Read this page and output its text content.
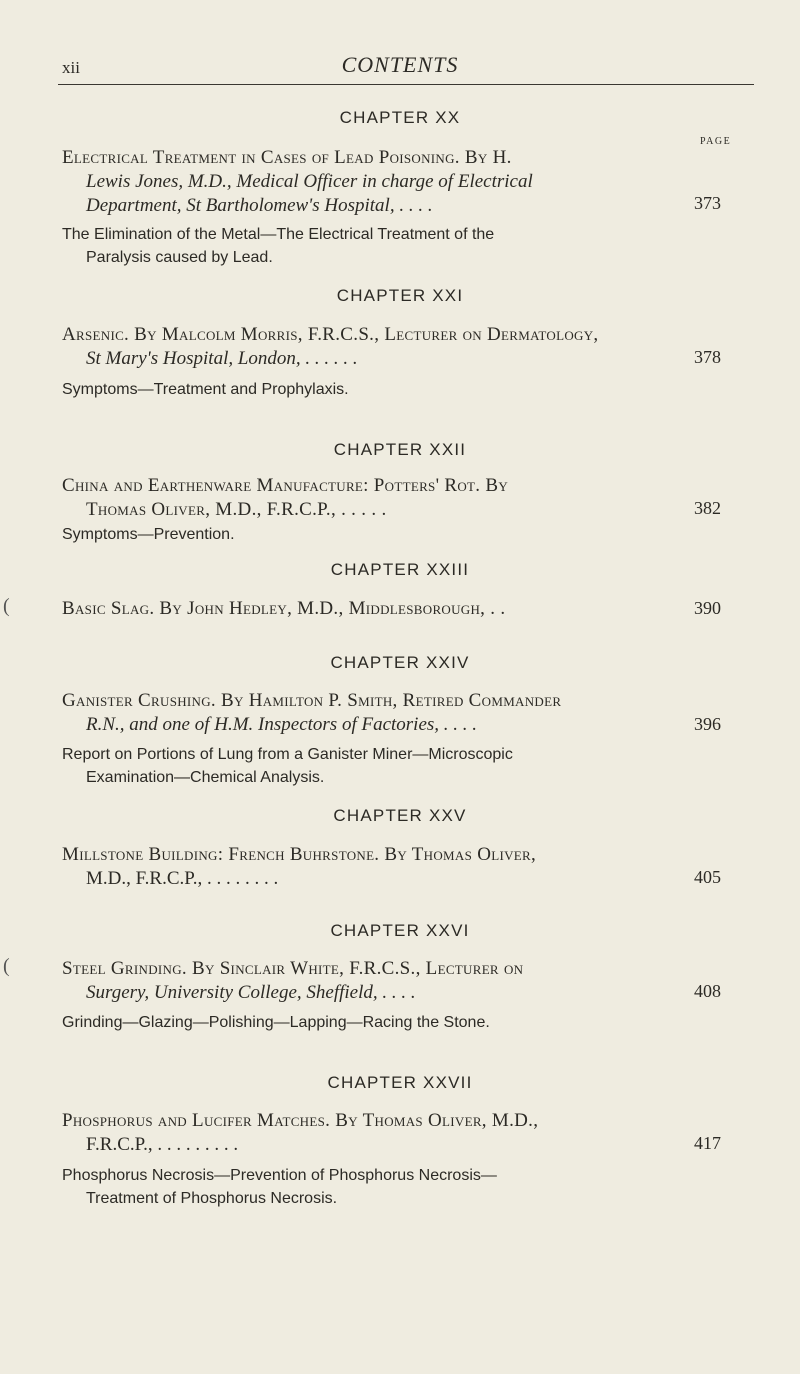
xii	CONTENTS
PAGE
CHAPTER XX
Electrical Treatment in Cases of Lead Poisoning. By H.
Lewis Jones, M.D., Medical Officer in charge of Electrical
Department, St Bartholomew's Hospital, . . . .	373
The Elimination of the Metal—The Electrical Treatment of the
Paralysis caused by Lead.
CHAPTER XXI
Arsenic. By Malcolm Morris, F.R.C.S., Lecturer on Dermatology,
St Mary's Hospital, London, . . . . . .	378
Symptoms—Treatment and Prophylaxis.
CHAPTER XXII
China and Earthenware Manufacture: Potters' Rot. By
Thomas Oliver, M.D., F.R.C.P., . . . . .	382
Symptoms—Prevention.
CHAPTER XXIII
(	Basic Slag. By John Hedley, M.D., Middlesborough, . .	390
CHAPTER XXIV
Ganister Crushing. By Hamilton P. Smith, Retired Commander
R.N., and one of H.M. Inspectors of Factories, . . . .	396
Report on Portions of Lung from a Ganister Miner—Microscopic
Examination—Chemical Analysis.
CHAPTER XXV
Millstone Building: French Buhrstone. By Thomas Oliver,
M.D., F.R.C.P., . . . . . . . .	405
CHAPTER XXVI
(	Steel Grinding. By Sinclair White, F.R.C.S., Lecturer on
Surgery, University College, Sheffield, . . . .	408
Grinding—Glazing—Polishing—Lapping—Racing the Stone.
CHAPTER XXVII
Phosphorus and Lucifer Matches. By Thomas Oliver, M.D.,
F.R.C.P., . . . . . . . . .	417
Phosphorus Necrosis—Prevention of Phosphorus Necrosis—
Treatment of Phosphorus Necrosis.
